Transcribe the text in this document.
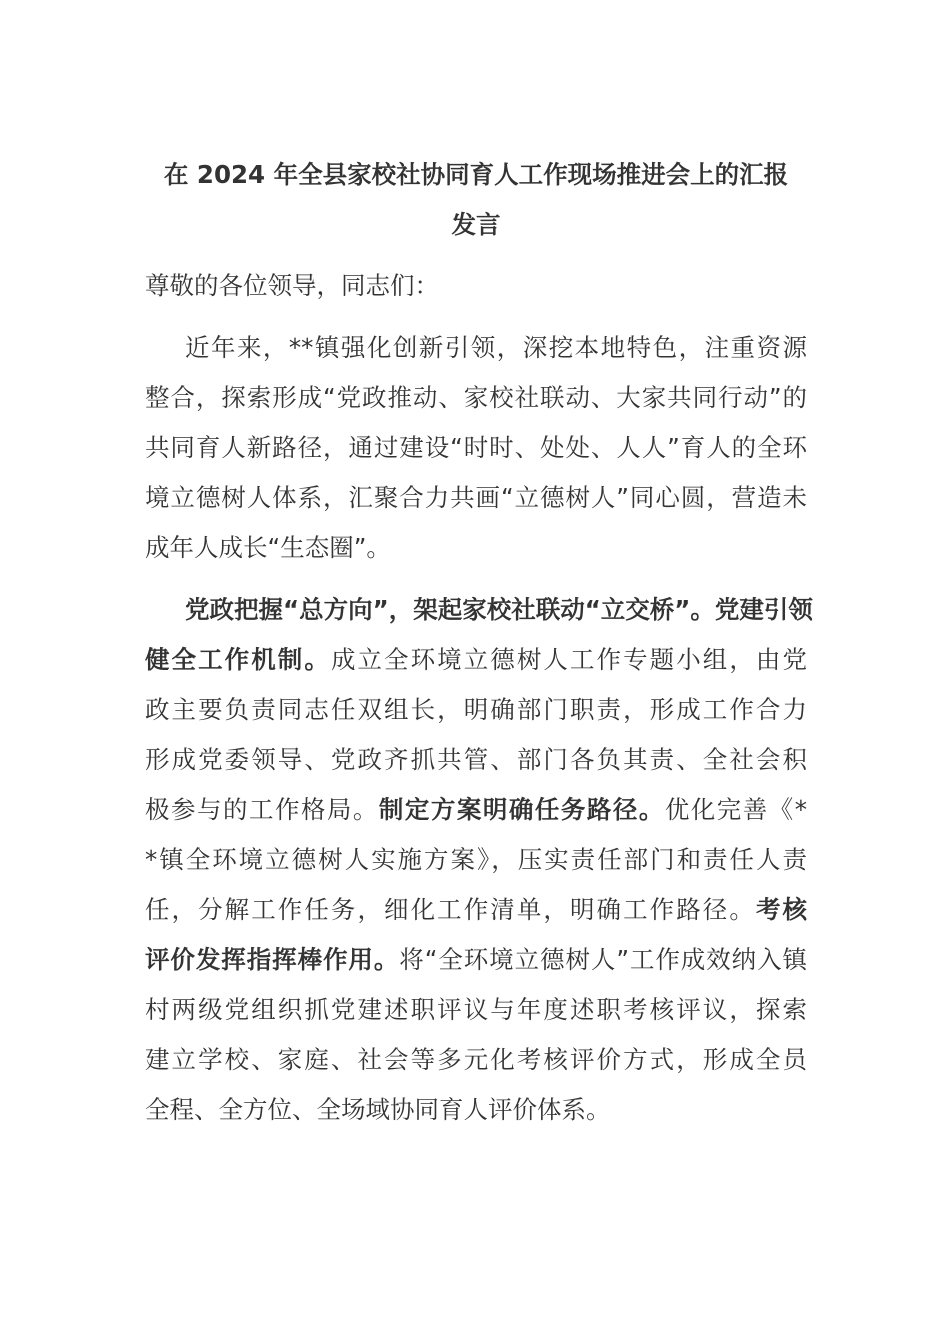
在 2024 年全县家校社协同育人工作现场推进会上的汇报
发言
尊敬的各位领导，同志们：
近年来，**镇强化创新引领，深挖本地特色，注重资源
整合，探索形成“党政推动、家校社联动、大家共同行动”的
共同育人新路径，通过建设“时时、处处、人人”育人的全环
境立德树人体系，汇聚合力共画“立德树人”同心圆，营造未
成年人成长“生态圈”。
党政把握“总方向”，架起家校社联动“立交桥”。党建引领
健全工作机制。成立全环境立德树人工作专题小组，由党
政主要负责同志任双组长，明确部门职责，形成工作合力
形成党委领导、党政齐抓共管、部门各负其责、全社会积
极参与的工作格局。制定方案明确任务路径。优化完善《*
*镇全环境立德树人实施方案》，压实责任部门和责任人责
任，分解工作任务，细化工作清单，明确工作路径。考核
评价发挥指挥棒作用。将“全环境立德树人”工作成效纳入镇
村两级党组织抓党建述职评议与年度述职考核评议，探索
建立学校、家庭、社会等多元化考核评价方式，形成全员
全程、全方位、全场域协同育人评价体系。
